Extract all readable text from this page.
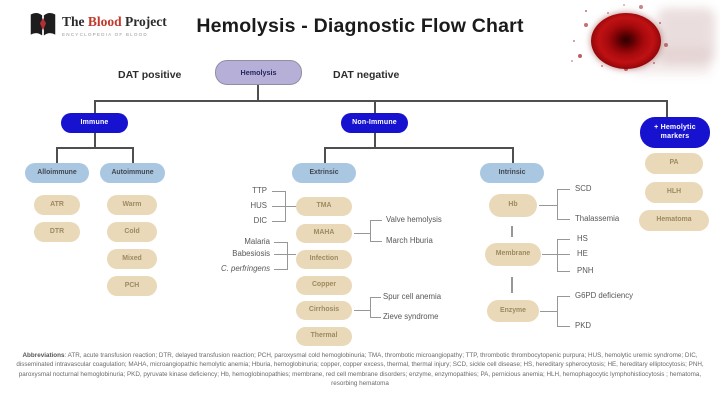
The Blood Project
ENCYCLOPEDIA OF BLOOD	Hemolysis - Diagnostic Flow Chart
DAT positive	DAT negative
Hemolysis
Immune	Non-Immune
+ Hemolytic markers
Alloimmune	Autoimmune	Extrinsic	Intrinsic
ATR
DTR
Warm
Cold
Mixed
PCH
TMA
MAHA
Infection
Copper
Cirrhosis
Thermal
Hb
Membrane
Enzyme
PA
HLH
Hematoma
TTP
HUS
DIC
Malaria
Babesiosis
C. perfringens
Valve hemolysis
March Hburia
Spur cell anemia
Zieve syndrome
SCD
Thalassemia
HS
HE
PNH
G6PD deficiency
PKD
Abbreviations: ATR, acute transfusion reaction; DTR, delayed transfusion reaction; PCH, paroxysmal cold hemoglobinuria; TMA, thrombotic microangiopathy; TTP, thrombotic thrombocytopenic purpura; HUS, hemolytic uremic syndrome; DIC, disseminated intravascular coagulation; MAHA, microangiopathic hemolytic anemia; Hburia, hemoglobinuria; copper, copper excess, thermal, thermal injury; SCD, sickle cell disease; HS, hereditary spherocytosis; HE, hereditary elliptocytosis; PNH, paroxysmal nocturnal hemoglobinuria; PKD, pyruvate kinase deficiency; Hb, hemoglobinopathies; membrane, red cell membrane disorders; enzyme, enzymopathies; PA, pernicious anemia; HLH, hemophagocytic lymphohistiocytosis ; hematoma, resorbing hematoma
